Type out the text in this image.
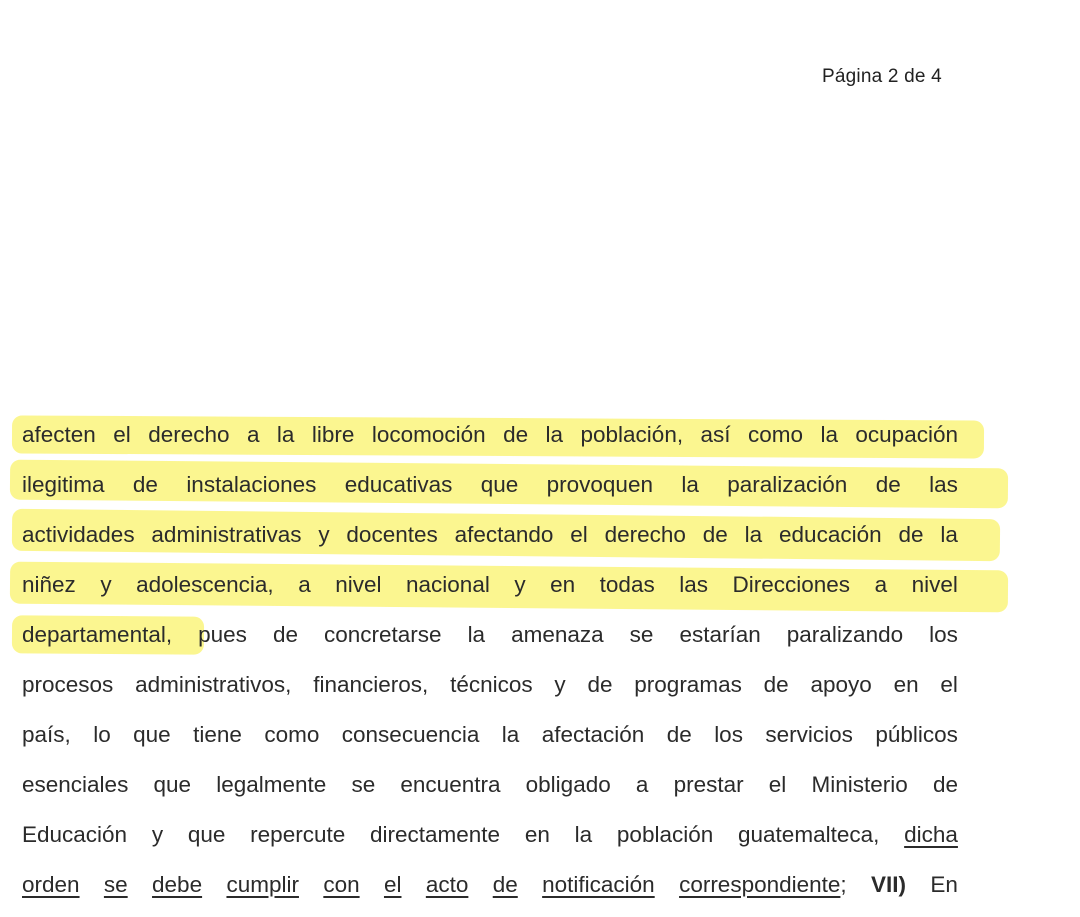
Página 2 de 4
afecten el derecho a la libre locomoción de la población, así como la ocupación
ilegitima de instalaciones educativas que provoquen la paralización de las
actividades administrativas y docentes afectando el derecho de la educación de la
niñez y adolescencia, a nivel nacional y en todas las Direcciones a nivel
departamental, pues de concretarse la amenaza se estarían paralizando los
procesos administrativos, financieros, técnicos y de programas de apoyo en el
país, lo que tiene como consecuencia la afectación de los servicios públicos
esenciales que legalmente se encuentra obligado a prestar el Ministerio de
Educación y que repercute directamente en la población guatemalteca, dicha
orden se debe cumplir con el acto de notificación correspondiente; VII) En
